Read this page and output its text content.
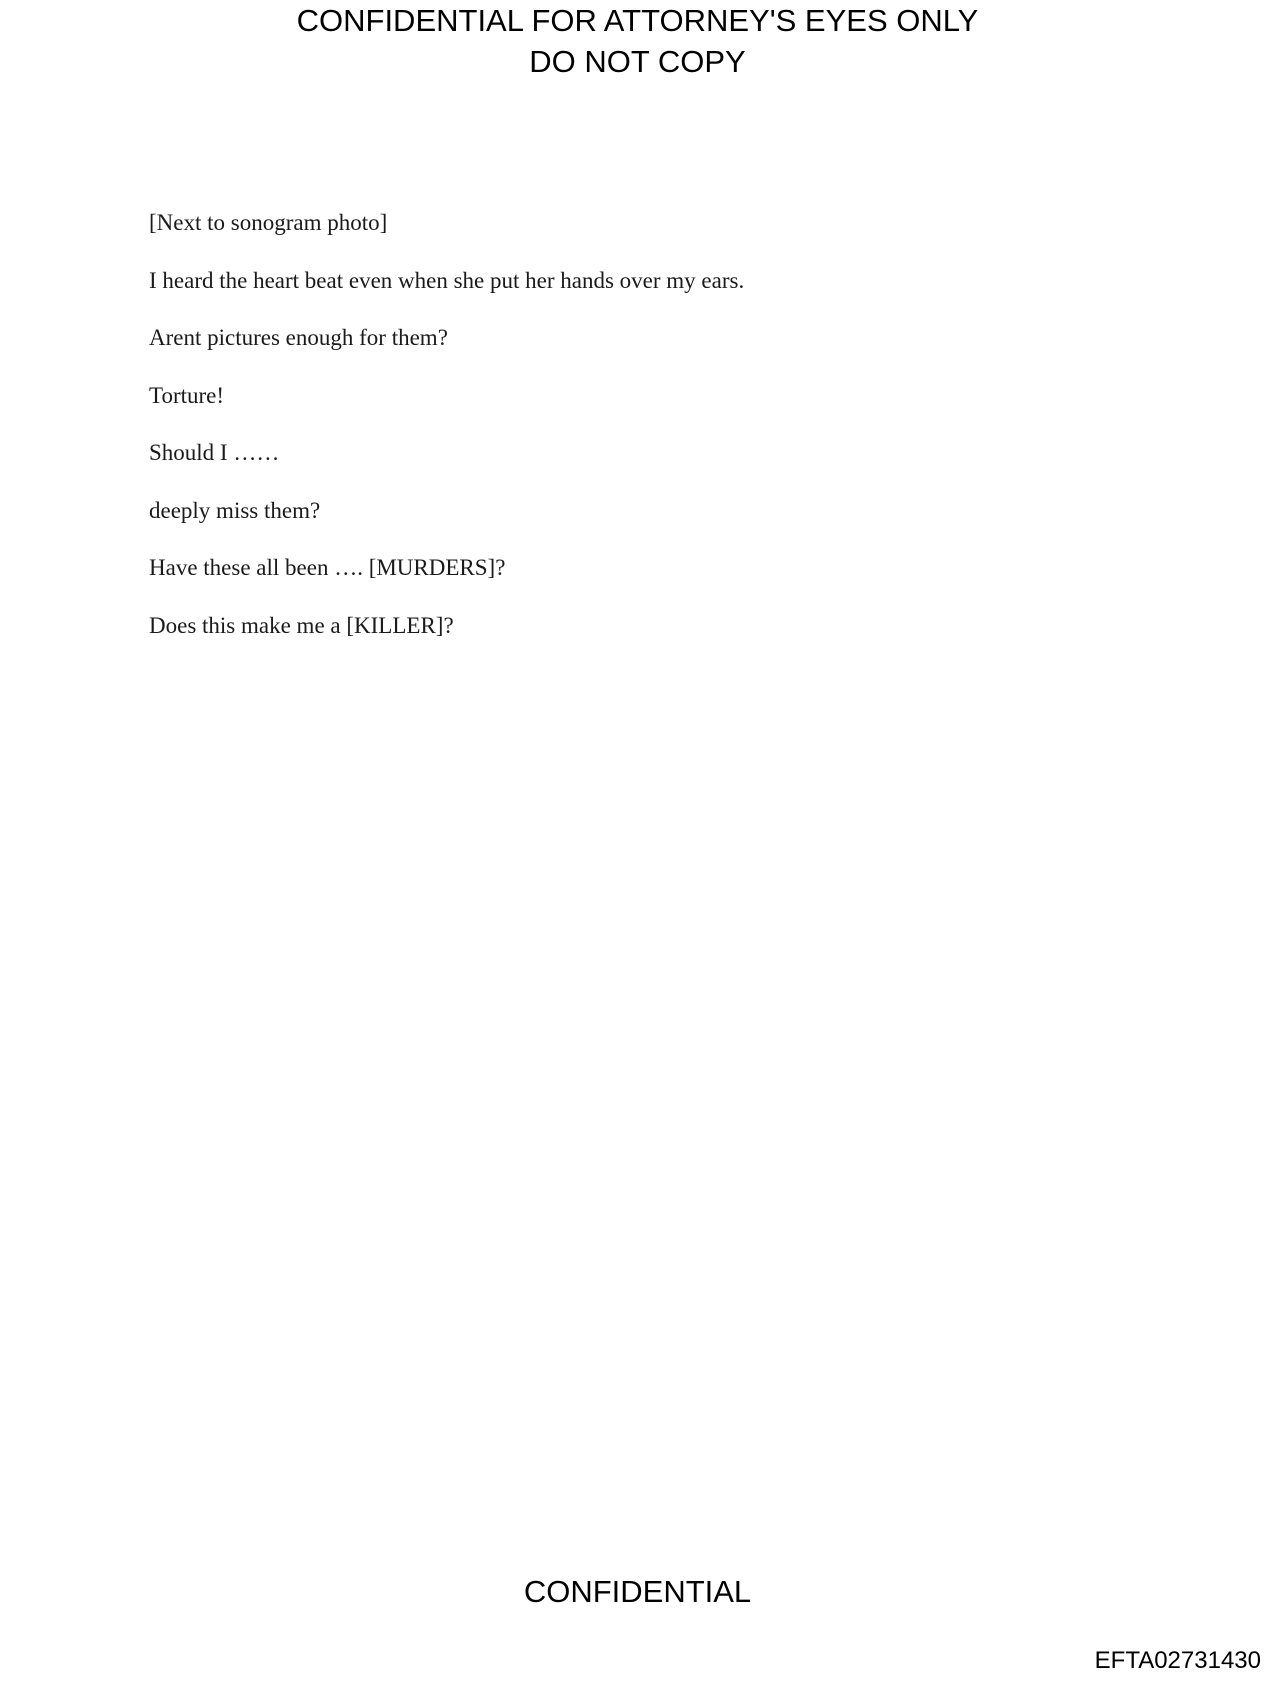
CONFIDENTIAL FOR ATTORNEY'S EYES ONLY
DO NOT COPY

[Next to sonogram photo]

I heard the heart beat even when she put her hands over my ears.

Arent pictures enough for them?

Torture!

Should I ……

deeply miss them?

Have these all been …. [MURDERS]?

Does this make me a [KILLER]?

CONFIDENTIAL
EFTA02731430
